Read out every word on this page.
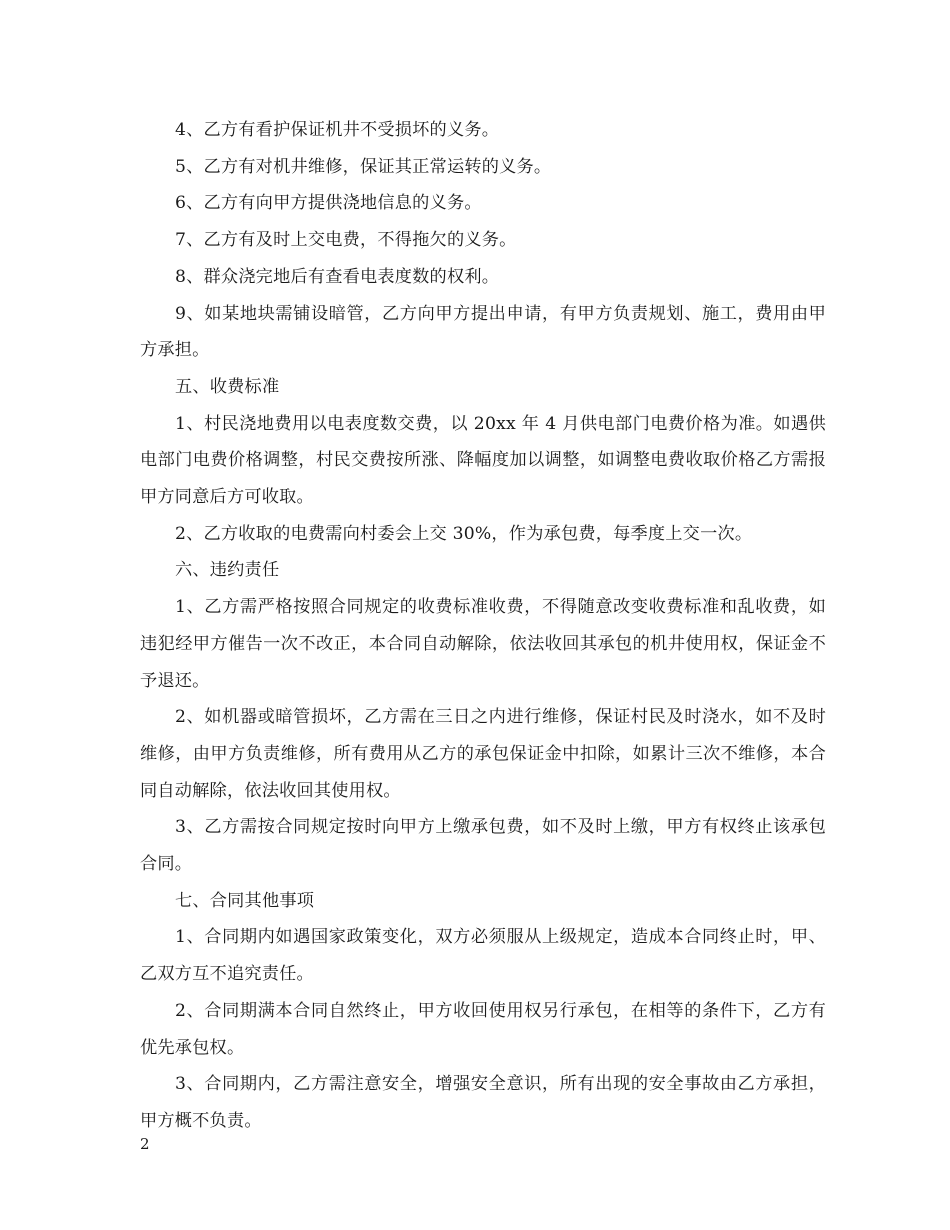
4、乙方有看护保证机井不受损坏的义务。

5、乙方有对机井维修，保证其正常运转的义务。

6、乙方有向甲方提供浇地信息的义务。

7、乙方有及时上交电费，不得拖欠的义务。

8、群众浇完地后有查看电表度数的权利。

9、如某地块需铺设暗管，乙方向甲方提出申请，有甲方负责规划、施工，费用由甲方承担。

五、收费标准

1、村民浇地费用以电表度数交费，以 20xx 年 4 月供电部门电费价格为准。如遇供电部门电费价格调整，村民交费按所涨、降幅度加以调整，如调整电费收取价格乙方需报甲方同意后方可收取。

2、乙方收取的电费需向村委会上交 30%，作为承包费，每季度上交一次。

六、违约责任

1、乙方需严格按照合同规定的收费标准收费，不得随意改变收费标准和乱收费，如违犯经甲方催告一次不改正，本合同自动解除，依法收回其承包的机井使用权，保证金不予退还。

2、如机器或暗管损坏，乙方需在三日之内进行维修，保证村民及时浇水，如不及时维修，由甲方负责维修，所有费用从乙方的承包保证金中扣除，如累计三次不维修，本合同自动解除，依法收回其使用权。

3、乙方需按合同规定按时向甲方上缴承包费，如不及时上缴，甲方有权终止该承包合同。

七、合同其他事项

1、合同期内如遇国家政策变化，双方必须服从上级规定，造成本合同终止时，甲、乙双方互不追究责任。

2、合同期满本合同自然终止，甲方收回使用权另行承包，在相等的条件下，乙方有优先承包权。

3、合同期内，乙方需注意安全，增强安全意识，所有出现的安全事故由乙方承担，甲方概不负责。

2
